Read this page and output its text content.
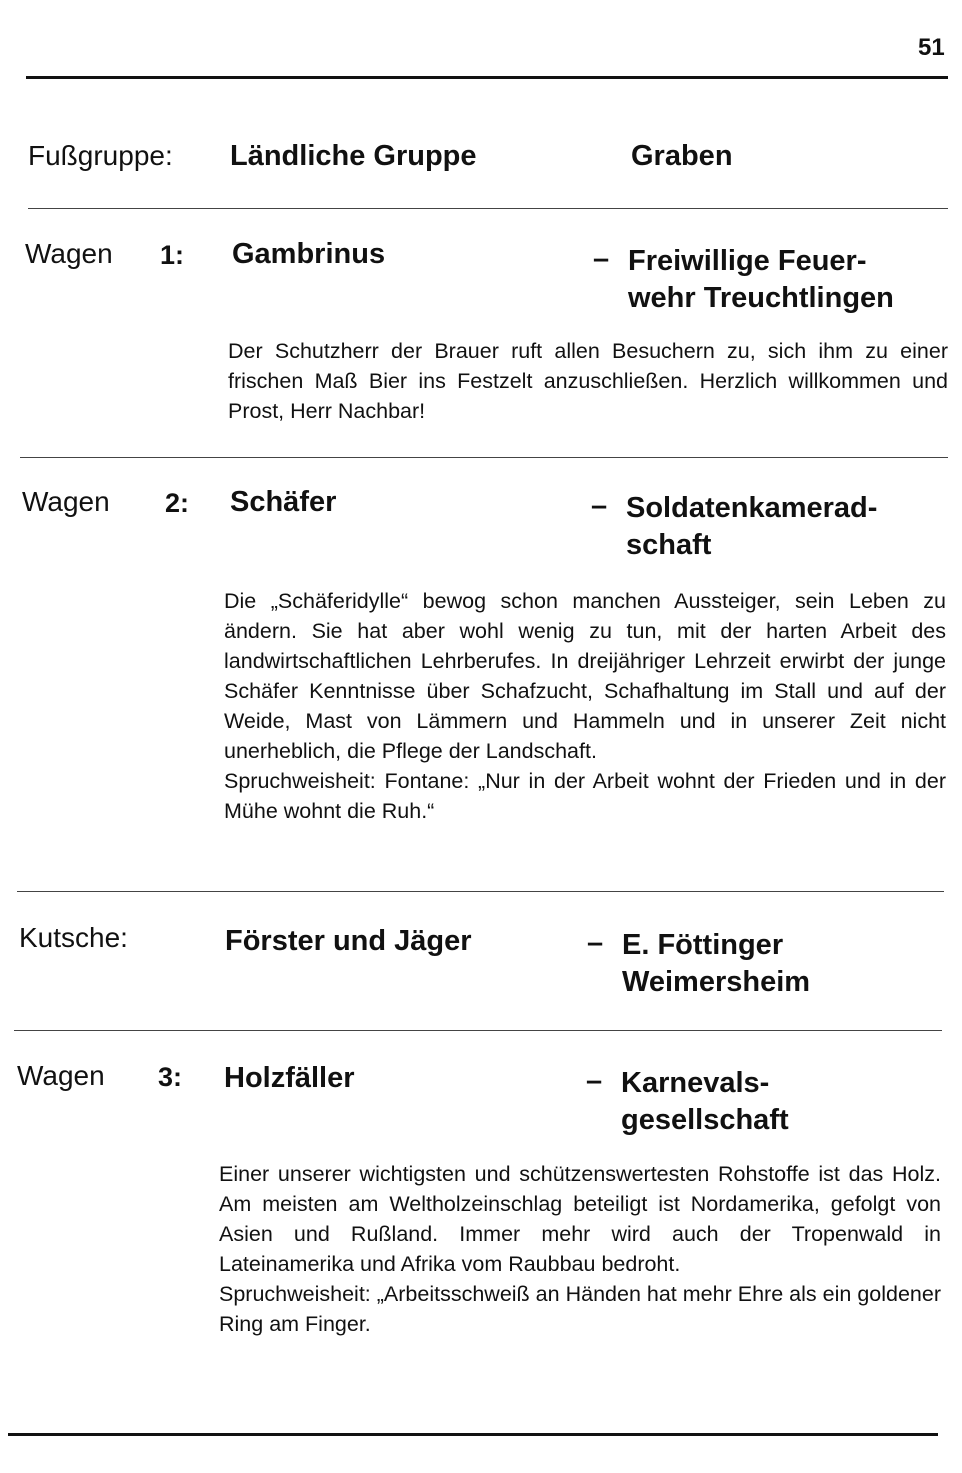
51
Fußgruppe: Ländliche Gruppe	Graben
Wagen 1: Gambrinus	– Freiwillige Feuer-
wehr Treuchtlingen

Der Schutzherr der Brauer ruft allen Besuchern zu, sich ihm zu einer frischen Maß Bier ins Festzelt anzuschließen. Herzlich willkommen und Prost, Herr Nachbar!

Wagen 2: Schäfer	– Soldatenkamerad-
schaft

Die „Schäferidylle“ bewog schon manchen Aussteiger, sein Leben zu ändern. Sie hat aber wohl wenig zu tun, mit der harten Arbeit des landwirtschaftlichen Lehrberufes. In dreijähriger Lehrzeit erwirbt der junge Schäfer Kenntnisse über Schafzucht, Schafhaltung im Stall und auf der Weide, Mast von Lämmern und Hammeln und in unserer Zeit nicht unerheblich, die Pflege der Landschaft.

Spruchweisheit: Fontane: „Nur in der Arbeit wohnt der Frieden und in der Mühe wohnt die Ruh.“

Kutsche:	Förster und Jäger	– E. Föttinger
Weimersheim
Wagen 3: Holzfäller	– Karnevals-
gesellschaft

Einer unserer wichtigsten und schützenswertesten Rohstoffe ist das Holz. Am meisten am Weltholzeinschlag beteiligt ist Nordamerika, gefolgt von Asien und Rußland. Immer mehr wird auch der Tropenwald in Lateinamerika und Afrika vom Raubbau bedroht.

Spruchweisheit: „Arbeitsschweiß an Händen hat mehr Ehre als ein goldener Ring am Finger.
